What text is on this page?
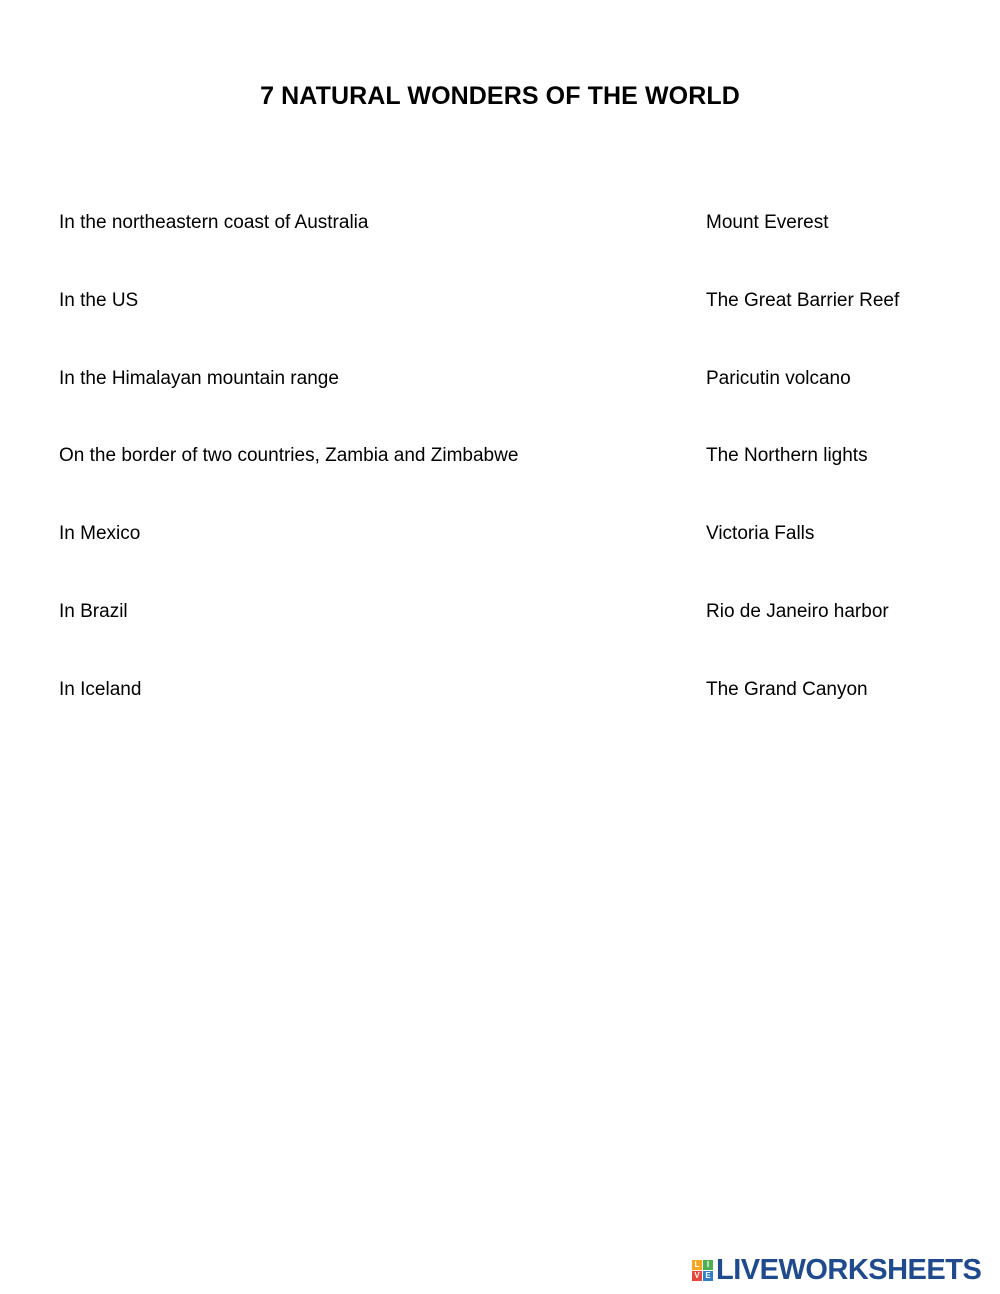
7 NATURAL WONDERS OF THE WORLD
In the northeastern coast of Australia	Mount Everest
In the US	The Great Barrier Reef
In the Himalayan mountain range	Paricutin volcano
On the border of two countries, Zambia and Zimbabwe	The Northern lights
In Mexico	Victoria Falls
In Brazil	Rio de Janeiro harbor
In Iceland	The Grand Canyon
L I
V E LIVEWORKSHEETS
